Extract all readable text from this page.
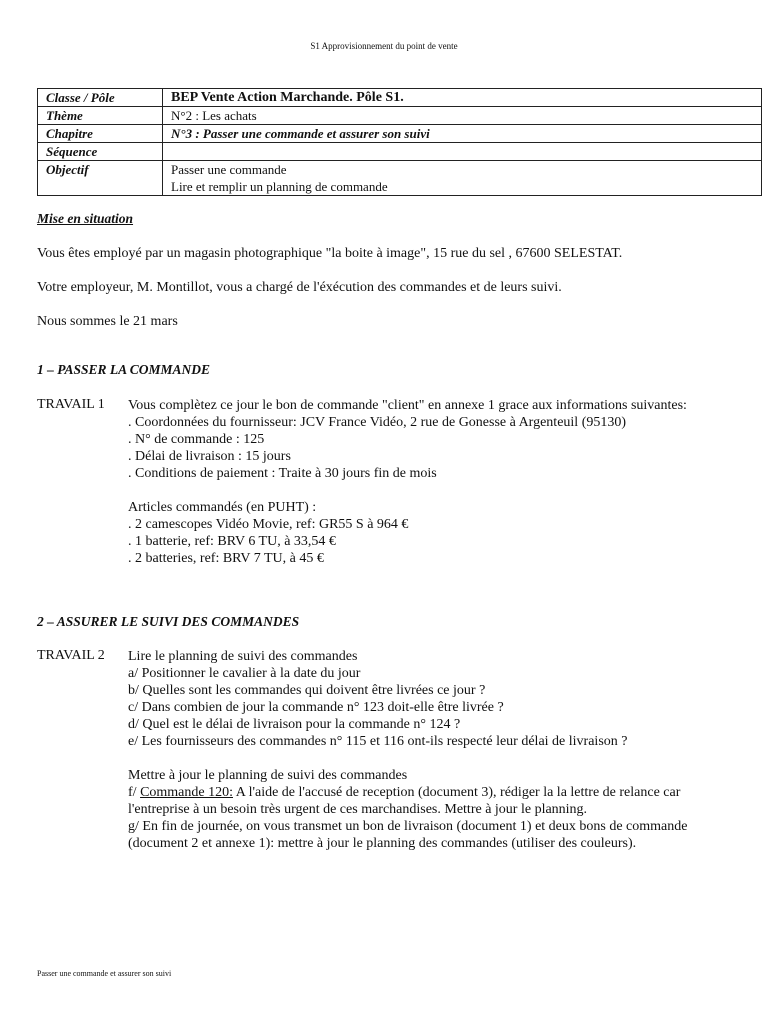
S1 Approvisionnement du point de vente
Classe / Pôle	BEP Vente Action Marchande. Pôle S1.
Thème	N°2 : Les achats
Chapitre	N°3 : Passer une commande et assurer son suivi
Séquence	
Objectif	Passer une commande
Lire et remplir un planning de commande
Mise en situation
Vous êtes employé par un magasin photographique "la boite à image", 15 rue du sel , 67600 SELESTAT.
Votre employeur, M. Montillot, vous a chargé de l'éxécution des commandes et de leurs suivi.
Nous sommes le 21 mars
1 – PASSER LA COMMANDE
TRAVAIL 1 Vous complètez ce jour le bon de commande "client" en annexe 1 grace aux informations suivantes:
. Coordonnées du fournisseur: JCV France Vidéo, 2 rue de Gonesse à Argenteuil (95130)
. N° de commande : 125
. Délai de livraison : 15 jours
. Conditions de paiement : Traite à 30 jours fin de mois
Articles commandés (en PUHT) :
. 2 camescopes Vidéo Movie, ref: GR55 S à 964 €
. 1 batterie, ref: BRV 6 TU, à 33,54 €
. 2 batteries, ref: BRV 7 TU, à 45 €
2 – ASSURER LE SUIVI DES COMMANDES
TRAVAIL 2 Lire le planning de suivi des commandes
a/ Positionner le cavalier à la date du jour
b/ Quelles sont les commandes qui doivent être livrées ce jour ?
c/ Dans combien de jour la commande n° 123 doit-elle être livrée ?
d/ Quel est le délai de livraison pour la commande n° 124 ?
e/ Les fournisseurs des commandes n° 115 et 116 ont-ils respecté leur délai de livraison ?
Mettre à jour le planning de suivi des commandes
f/ Commande 120: A l'aide de l'accusé de reception (document 3), rédiger la la lettre de relance car l'entreprise à un besoin très urgent de ces marchandises. Mettre à jour le planning.
g/ En fin de journée, on vous transmet un bon de livraison (document 1) et deux bons de commande (document 2 et annexe 1): mettre à jour le planning des commandes (utiliser des couleurs).
Passer une commande et assurer son suivi
